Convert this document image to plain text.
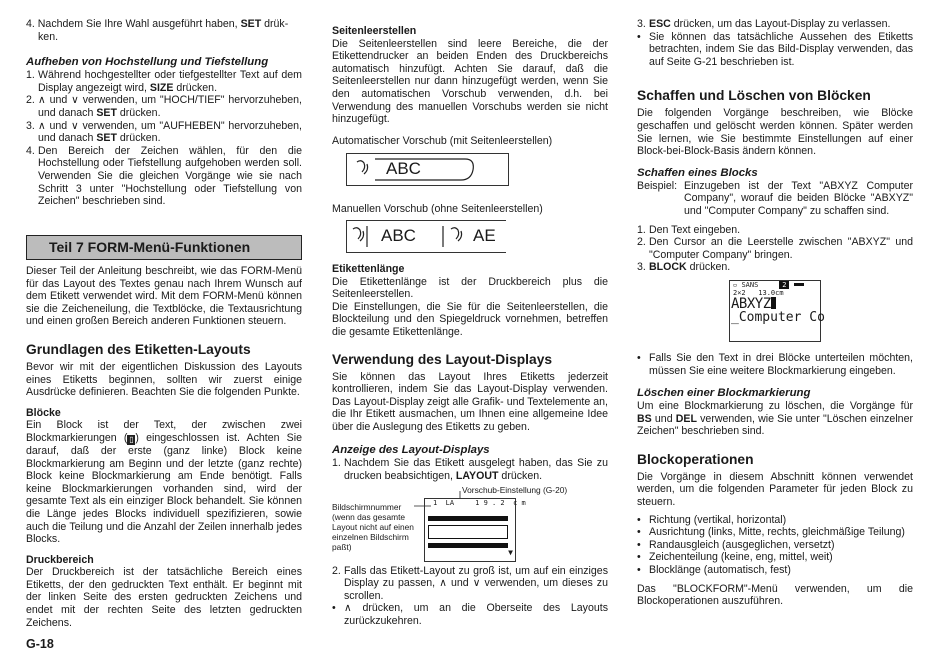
4. Nachdem Sie Ihre Wahl ausgeführt haben, SET drük-
ken.

Aufheben von Hochstellung und Tiefstellung

1. Während hochgestellter oder tiefgestellter Text auf dem Display angezeigt wird, SIZE drücken.
2. ∧ und ∨ verwenden, um "HOCH/TIEF" hervorzuheben, und danach SET drücken.
3. ∧ und ∨ verwenden, um "AUFHEBEN" hervorzuheben, und danach SET drücken.
4. Den Bereich der Zeichen wählen, für den die Hochstellung oder Tiefstellung aufgehoben werden soll. Verwenden Sie die gleichen Vorgänge wie sie nach Schritt 3 unter "Hochstellung oder Tiefstellung von Zeichen" beschrieben sind.
Teil 7 FORM-Menü-Funktionen

Dieser Teil der Anleitung beschreibt, wie das FORM-Menü für das Layout des Textes genau nach Ihrem Wunsch auf dem Etikett verwendet wird. Mit dem FORM-Menü können sie die Zeicheneilung, die Textblöcke, die Textausrichtung und einen großen Bereich anderen Funktionen steuern.

Grundlagen des Etiketten-Layouts

Bevor wir mit der eigentlichen Diskussion des Layouts eines Etiketts beginnen, sollten wir zuerst einige Ausdrücke definieren. Beachten Sie die folgenden Punkte.

Blöcke

Ein Block ist der Text, der zwischen zwei Blockmarkierungen ( ▯ ) eingeschlossen ist. Achten Sie darauf, daß der erste (ganz linke) Block keine Blockmarkierung am Beginn und der letzte (ganz rechte) Block keine Blockmarkierung am Ende benötigt. Falls keine Blockmarkierungen vorhanden sind, wird der gesamte Text als ein einziger Block behandelt. Sie können die Länge jedes Blocks individuell spezifizieren, sowie auch die Teilung und die Anzahl der Zeilen innerhalb jedes Blocks.

Druckbereich

Der Druckbereich ist der tatsächliche Bereich eines Etiketts, der den gedruckten Text enthält. Er beginnt mit der linken Seite des ersten gedruckten Zeichens und endet mit der rechten Seite des letzten gedruckten Zeichens.

G-18

Seitenleerstellen

Die Seitenleerstellen sind leere Bereiche, die der Etikettendrucker an beiden Enden des Druckbereichs automatisch hinzufügt. Achten Sie darauf, daß die Seitenleerstellen nur dann hinzugefügt werden, wenn Sie den automatischen Vorschub verwenden, d.h. bei Verwendung des manuellen Vorschubs werden sie nicht hinzugefügt.

Automatischer Vorschub (mit Seitenleerstellen)

ABC

Manuellen Vorschub (ohne Seitenleerstellen)

ABC	AE

Etikettenlänge

Die Etikettenlänge ist der Druckbereich plus die Seitenleerstellen.

Die Einstellungen, die Sie für die Seitenleerstellen, die Blockteilung und den Spiegeldruck vornehmen, betreffen die gesamte Etikettenlänge.

Verwendung des Layout-Displays

Sie können das Layout Ihres Etiketts jederzeit kontrollieren, indem Sie das Layout-Display verwenden. Das Layout-Display zeigt alle Grafik- und Textelemente an, die Ihr Etikett ausmachen, um Ihnen eine allgemeine Idee über die Auslegung des Etiketts zu geben.

Anzeige des Layout-Displays

1. Nachdem Sie das Etikett ausgelegt haben, das Sie zu drucken beabsichtigen, LAYOUT drücken.
Vorschub-Einstellung (G-20)
Bildschirmnummer (wenn das gesamte Layout nicht auf einen einzelnen Bildschirm paßt)
1  LA     1 9 . 2  c m
▼
2. Falls das Etikett-Layout zu groß ist, um auf ein einziges Display zu passen, ∧ und ∨ verwenden, um dieses zu scrollen.
• ∧ drücken, um an die Oberseite des Layouts zurückzukehren.
3. ESC drücken, um das Layout-Display zu verlassen.
• Sie können das tatsächliche Aussehen des Etiketts betrachten, indem Sie das Bild-Display verwenden, das auf Seite G-21 beschrieben ist.

Schaffen und Löschen von Blöcken

Die folgenden Vorgänge beschreiben, wie Blöcke geschaffen und gelöscht werden können. Später werden Sie lernen, wie Sie bestimmte Einstellungen auf einer Block-bei-Block-Basis ändern können.

Schaffen eines Blocks

Beispiel: Einzugeben ist der Text "ABXYZ Computer Company", worauf die beiden Blöcke "ABXYZ" und "Computer Company" zu schaffen sind.

1. Den Text eingeben.
2. Den Cursor an die Leerstelle zwischen "ABXYZ" und "Computer Company" bringen.
3. BLOCK drücken.
▫ SANS	2
2×2   13.0cm
ABXYZ
_Computer Co
• Falls Sie den Text in drei Blöcke unterteilen möchten, müssen Sie eine weitere Blockmarkierung eingeben.

Löschen einer Blockmarkierung

Um eine Blockmarkierung zu löschen, die Vorgänge für BS und DEL verwenden, wie Sie unter "Löschen einzelner Zeichen" beschrieben sind.

Blockoperationen

Die Vorgänge in diesem Abschnitt können verwendet werden, um die folgenden Parameter für jeden Block zu steuern.

• Richtung (vertikal, horizontal)
• Ausrichtung (links, Mitte, rechts, gleichmäßige Teilung)
• Randausgleich (ausgeglichen, versetzt)
• Zeichenteilung (keine, eng, mittel, weit)
• Blocklänge (automatisch, fest)

Das "BLOCKFORM"-Menü verwenden, um die Blockoperationen auszuführen.
